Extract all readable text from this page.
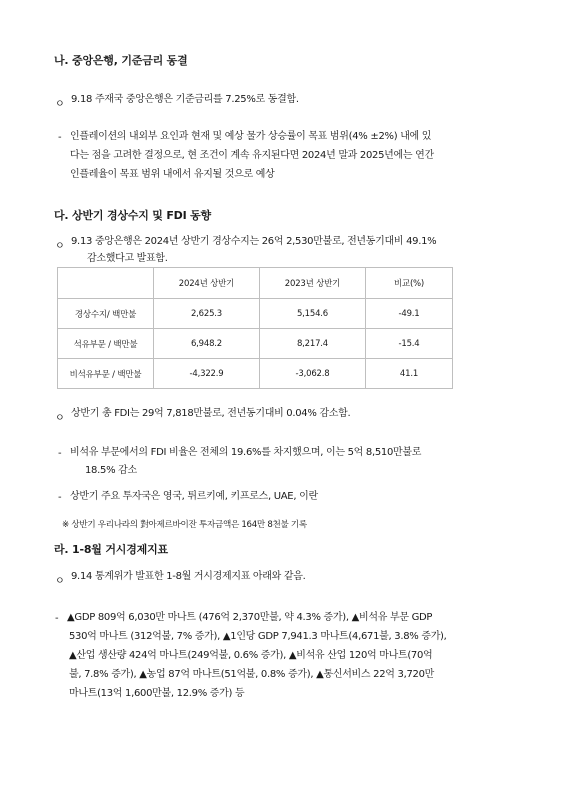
나. 중앙은행, 기준금리 동결
ㅇ 9.18 주재국 중앙은행은 기준금리를 7.25%로 동결함.
- 인플레이션의 내외부 요인과 현재 및 예상 물가 상승률이 목표 범위(4% ±2%) 내에 있
다는 점을 고려한 결정으로, 현 조건이 계속 유지된다면 2024년 말과 2025년에는 연간
인플레율이 목표 범위 내에서 유지될 것으로 예상
다. 상반기 경상수지 및 FDI 동향
ㅇ 9.13 중앙은행은 2024년 상반기 경상수지는 26억 2,530만불로, 전년동기대비 49.1%
감소했다고 발표함.
	2024년 상반기	2023년 상반기	비교(%)
경상수지/ 백만불	2,625.3	5,154.6	-49.1
석유부문 / 백만불	6,948.2	8,217.4	-15.4
비석유부문 / 백만불	-4,322.9	-3,062.8	41.1
ㅇ 상반기 총 FDI는 29억 7,818만불로, 전년동기대비 0.04% 감소함.
- 비석유 부문에서의 FDI 비율은 전체의 19.6%를 차지했으며, 이는 5억 8,510만불로
18.5% 감소
- 상반기 주요 투자국은 영국, 튀르키예, 키프로스, UAE, 이란
※ 상반기 우리나라의 對아제르바이잔 투자금액은 164만 8천불 기록
라. 1-8월 거시경제지표
ㅇ 9.14 통계위가 발표한 1-8월 거시경제지표 아래와 같음.
- ▲GDP 809억 6,030만 마나트 (476억 2,370만불, 약 4.3% 증가), ▲비석유 부문 GDP
530억 마나트 (312억불, 7% 증가), ▲1인당 GDP 7,941.3 마나트(4,671불, 3.8% 증가),
▲산업 생산량 424억 마나트(249억불, 0.6% 증가), ▲비석유 산업 120억 마나트(70억
불, 7.8% 증가), ▲농업 87억 마나트(51억불, 0.8% 증가), ▲통신서비스 22억 3,720만
마나트(13억 1,600만불, 12.9% 증가) 등
